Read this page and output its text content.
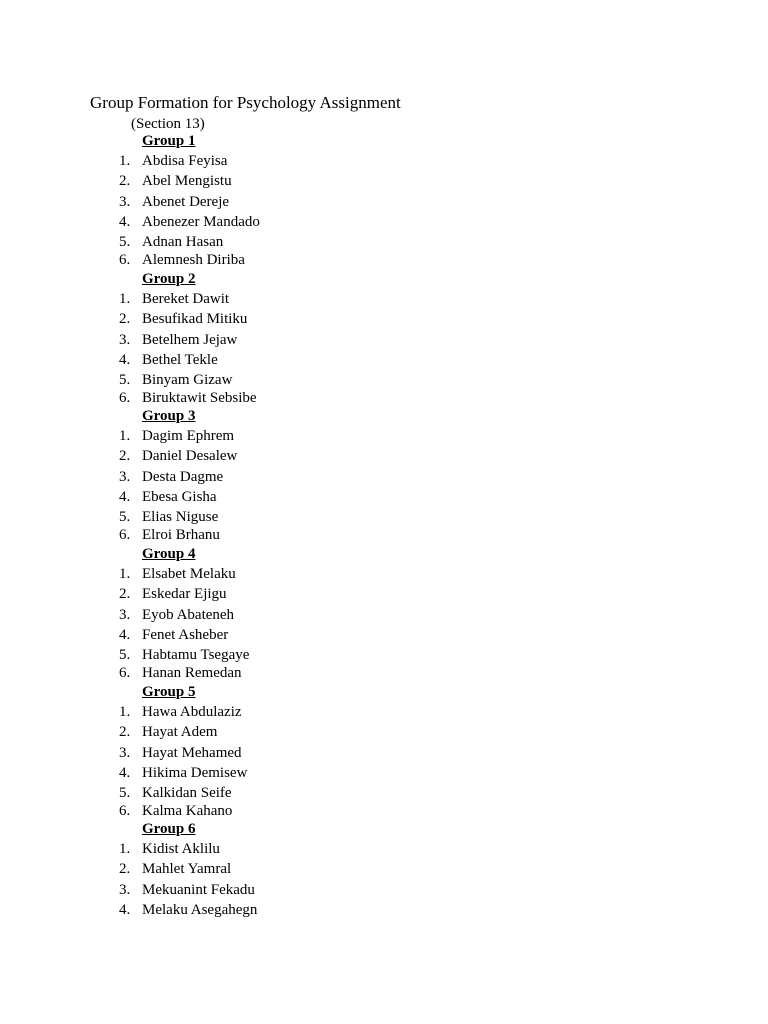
Group Formation for Psychology Assignment
(Section 13)
Group 1
1. Abdisa Feyisa
2. Abel Mengistu
3. Abenet Dereje
4. Abenezer Mandado
5. Adnan Hasan
6. Alemnesh Diriba
Group 2
1. Bereket Dawit
2. Besufikad Mitiku
3. Betelhem Jejaw
4. Bethel Tekle
5. Binyam Gizaw
6. Biruktawit Sebsibe
Group 3
1. Dagim Ephrem
2. Daniel Desalew
3. Desta Dagme
4. Ebesa Gisha
5. Elias Niguse
6. Elroi Brhanu
Group 4
1. Elsabet Melaku
2. Eskedar Ejigu
3. Eyob Abateneh
4. Fenet Asheber
5. Habtamu Tsegaye
6. Hanan Remedan
Group 5
1. Hawa Abdulaziz
2. Hayat Adem
3. Hayat Mehamed
4. Hikima Demisew
5. Kalkidan Seife
6. Kalma Kahano
Group 6
1. Kidist Aklilu
2. Mahlet Yamral
3. Mekuanint Fekadu
4. Melaku Asegahegn
